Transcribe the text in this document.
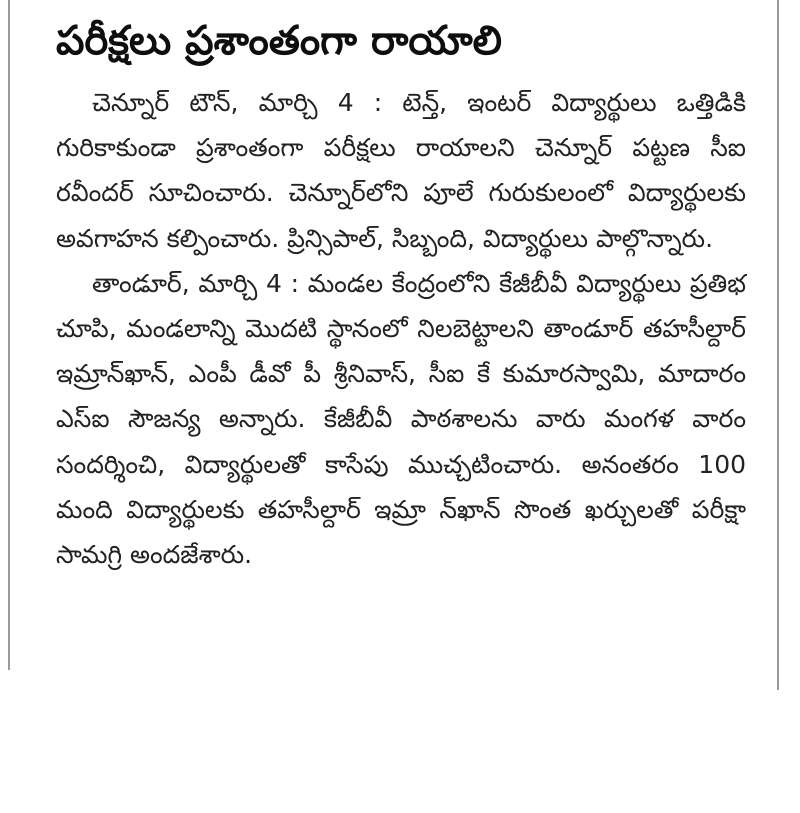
పరీక్షలు ప్రశాంతంగా రాయాలి

చెన్నూర్ టౌన్, మార్చి 4 : టెన్త్, ఇంటర్ విద్యార్థులు ఒత్తిడికి గురికాకుండా ప్రశాంతంగా పరీక్షలు రాయాలని చెన్నూర్ పట్టణ సీఐ రవీందర్ సూచించారు. చెన్నూర్‌లోని పూలే గురుకులంలో విద్యార్థులకు అవగాహన కల్పించారు. ప్రిన్సిపాల్, సిబ్బంది, విద్యార్థులు పాల్గొన్నారు.

తాండూర్, మార్చి 4 : మండల కేంద్రంలోని కేజీబీవీ విద్యార్థులు ప్రతిభ చూపి, మండలాన్ని మొదటి స్థానంలో నిలబెట్టాలని తాండూర్ తహసీల్దార్ ఇమ్రాన్‌ఖాన్, ఎంపీ డీవో పీ శ్రీనివాస్, సీఐ కే కుమారస్వామి, మాదారం ఎస్ఐ సౌజన్య అన్నారు. కేజీబీవీ పాఠశాలను వారు మంగళ వారం సందర్శించి, విద్యార్థులతో కాసేపు ముచ్చటించారు. అనంతరం 100 మంది విద్యార్థులకు తహసీల్దార్ ఇమ్రా న్‌ఖాన్ సొంత ఖర్చులతో పరీక్షా సామగ్రి అందజేశారు.
